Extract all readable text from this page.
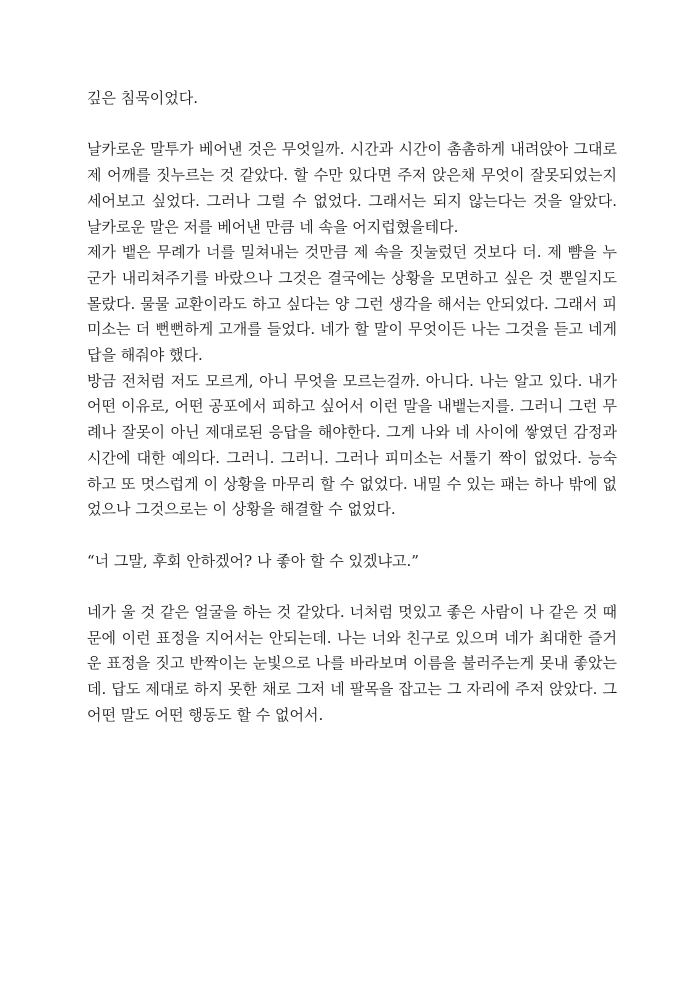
깊은 침묵이었다.

날카로운 말투가 베어낸 것은 무엇일까. 시간과 시간이 촘촘하게 내려앉아 그대로 제 어깨를 짓누르는 것 같았다. 할 수만 있다면 주저 앉은채 무엇이 잘못되었는지 세어보고 싶었다. 그러나 그럴 수 없었다. 그래서는 되지 않는다는 것을 알았다. 날카로운 말은 저를 베어낸 만큼 네 속을 어지럽혔을테다.

제가 뱉은 무례가 너를 밀쳐내는 것만큼 제 속을 짓눌렀던 것보다 더. 제 뺨을 누군가 내리쳐주기를 바랐으나 그것은 결국에는 상황을 모면하고 싶은 것 뿐일지도 몰랐다. 물물 교환이라도 하고 싶다는 양 그런 생각을 해서는 안되었다. 그래서 피미소는 더 뻔뻔하게 고개를 들었다. 네가 할 말이 무엇이든 나는 그것을 듣고 네게 답을 해줘야 했다.

방금 전처럼 저도 모르게, 아니 무엇을 모르는걸까. 아니다. 나는 알고 있다. 내가 어떤 이유로, 어떤 공포에서 피하고 싶어서 이런 말을 내뱉는지를. 그러니 그런 무례나 잘못이 아닌 제대로된 응답을 해야한다. 그게 나와 네 사이에 쌓였던 감정과 시간에 대한 예의다. 그러니. 그러니. 그러나 피미소는 서툴기 짝이 없었다. 능숙하고 또 멋스럽게 이 상황을 마무리 할 수 없었다. 내밀 수 있는 패는 하나 밖에 없었으나 그것으로는 이 상황을 해결할 수 없었다.

“너 그말, 후회 안하겠어? 나 좋아 할 수 있겠냐고.”

네가 울 것 같은 얼굴을 하는 것 같았다. 너처럼 멋있고 좋은 사람이 나 같은 것 때문에 이런 표정을 지어서는 안되는데. 나는 너와 친구로 있으며 네가 최대한 즐거운 표정을 짓고 반짝이는 눈빛으로 나를 바라보며 이름을 불러주는게 못내 좋았는데. 답도 제대로 하지 못한 채로 그저 네 팔목을 잡고는 그 자리에 주저 앉았다. 그 어떤 말도 어떤 행동도 할 수 없어서.
